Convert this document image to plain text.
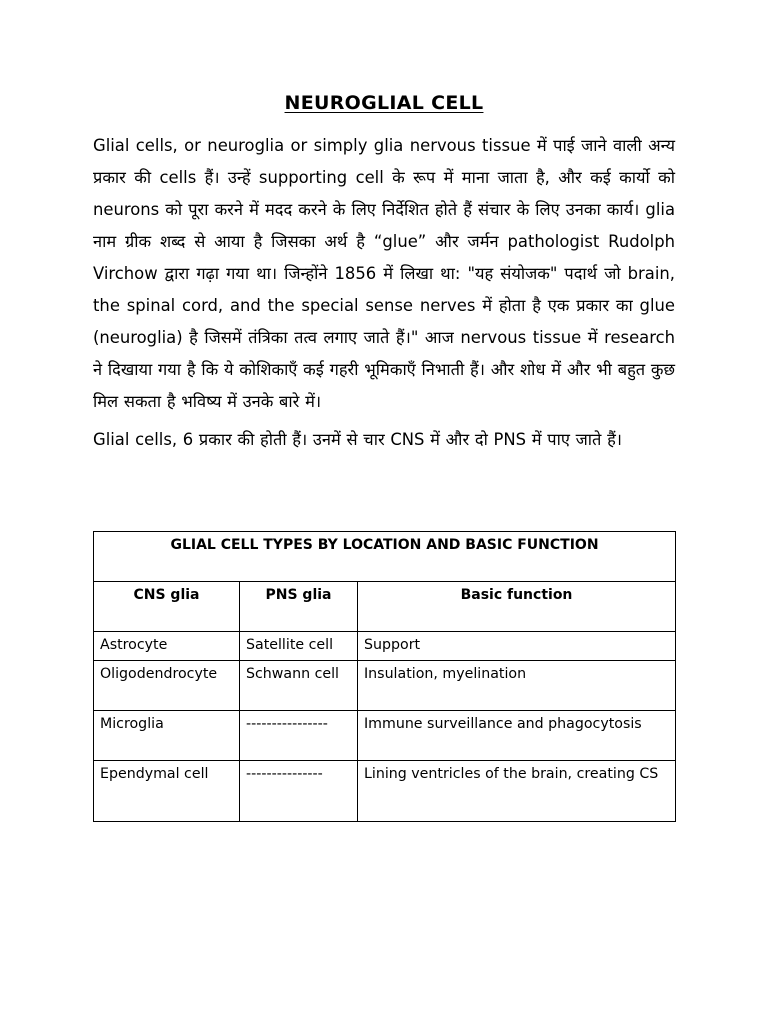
NEUROGLIAL CELL

Glial cells, or neuroglia or simply glia nervous tissue में पाई जाने वाली अन्य प्रकार की cells हैं। उन्हें supporting cell के रूप में माना जाता है, और कई कार्यो को neurons को पूरा करने में मदद करने के लिए निर्देशित होते हैं संचार के लिए उनका कार्य। glia नाम ग्रीक शब्द से आया है जिसका अर्थ है “glue” और जर्मन pathologist Rudolph Virchow द्वारा गढ़ा गया था। जिन्होंने 1856 में लिखा था: "यह संयोजक" पदार्थ जो brain, the spinal cord, and the special sense nerves में होता है एक प्रकार का glue (neuroglia) है जिसमें तंत्रिका तत्व लगाए जाते हैं।" आज nervous tissue में research ने दिखाया गया है कि ये कोशिकाएँ कई गहरी भूमिकाएँ निभाती हैं। और शोध में और भी बहुत कुछ मिल सकता है भविष्य में उनके बारे में।

Glial cells, 6 प्रकार की होती हैं। उनमें से चार CNS में और दो PNS में पाए जाते हैं।

GLIAL CELL TYPES BY LOCATION AND BASIC FUNCTION		
CNS glia	PNS glia	Basic function
Astrocyte	Satellite cell	Support
Oligodendrocyte	Schwann cell	Insulation, myelination
Microglia	----------------	Immune surveillance and phagocytosis
Ependymal cell	---------------	Lining ventricles of the brain, creating CS
